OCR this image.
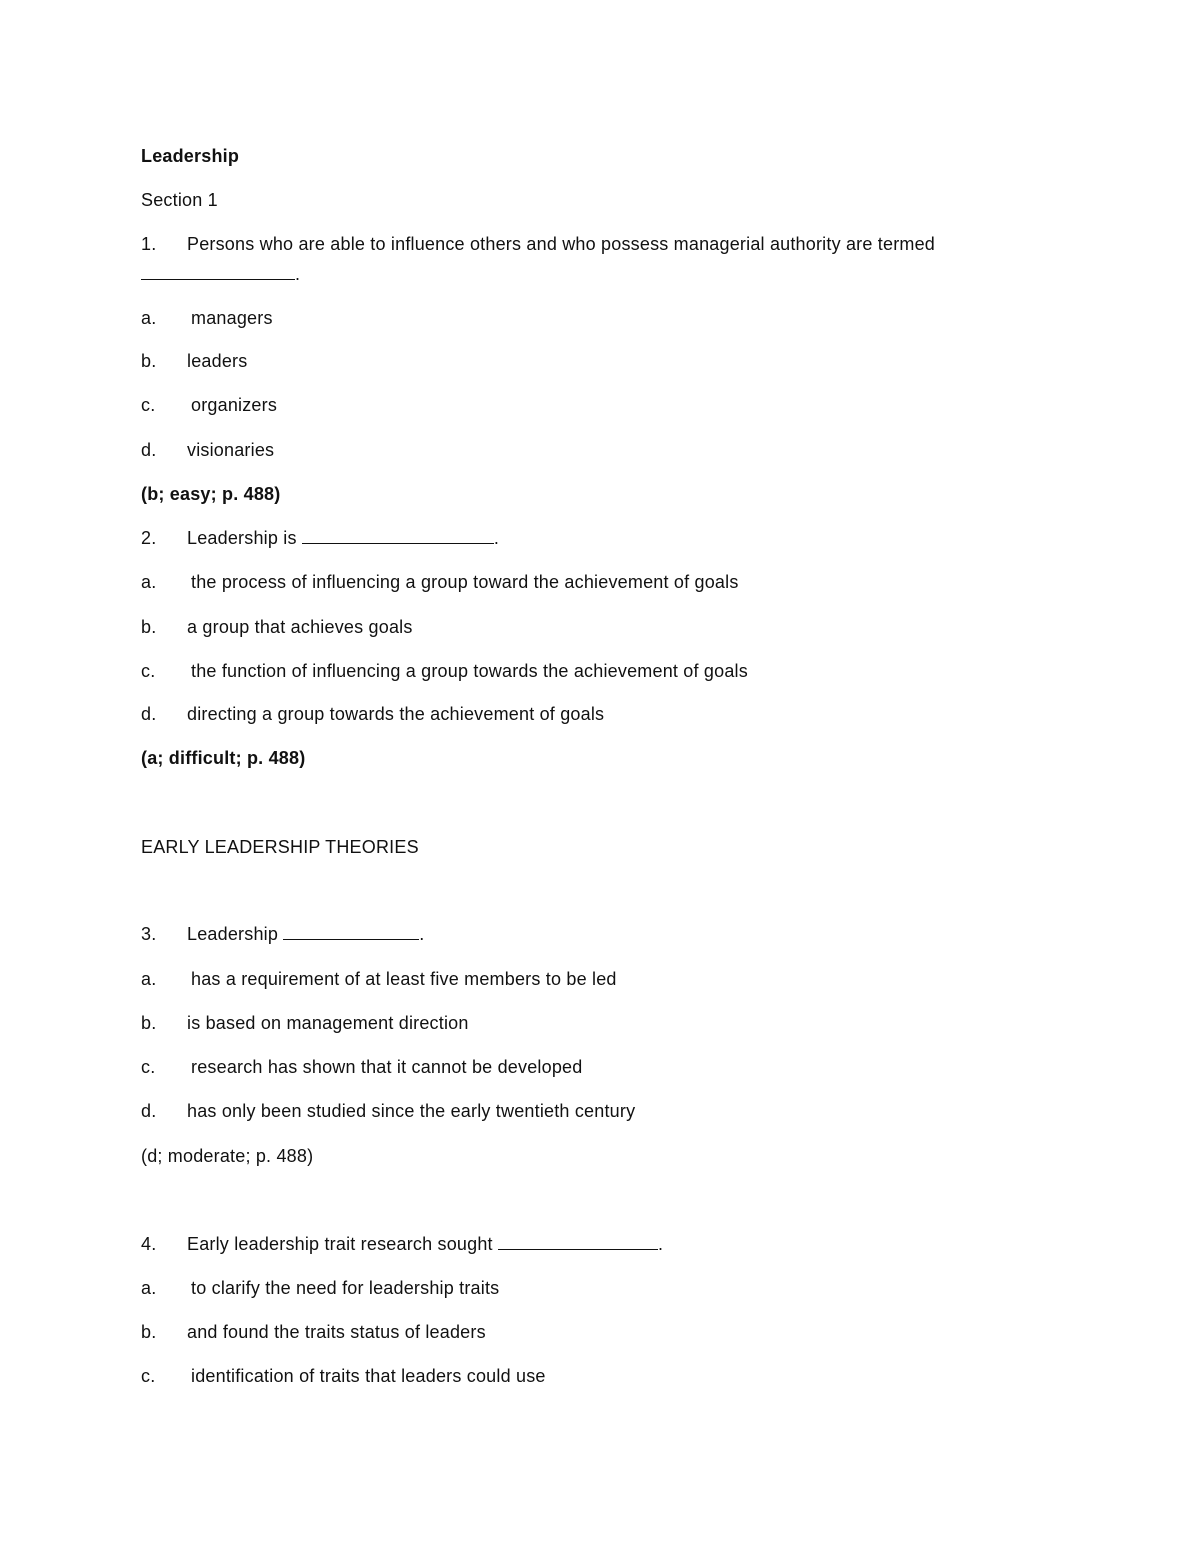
Leadership
Section 1
1. Persons who are able to influence others and who possess managerial authority are termed
.
a. managers
b. leaders
c. organizers
d. visionaries
(b; easy; p. 488)
2. Leadership is	.
a. the process of influencing a group toward the achievement of goals
b. a group that achieves goals
c. the function of influencing a group towards the achievement of goals
d. directing a group towards the achievement of goals
(a; difficult; p. 488)
EARLY LEADERSHIP THEORIES
3. Leadership	.
a. has a requirement of at least five members to be led
b. is based on management direction
c. research has shown that it cannot be developed
d. has only been studied since the early twentieth century
(d; moderate; p. 488)
4. Early leadership trait research sought	.
a. to clarify the need for leadership traits
b. and found the traits status of leaders
c. identification of traits that leaders could use
